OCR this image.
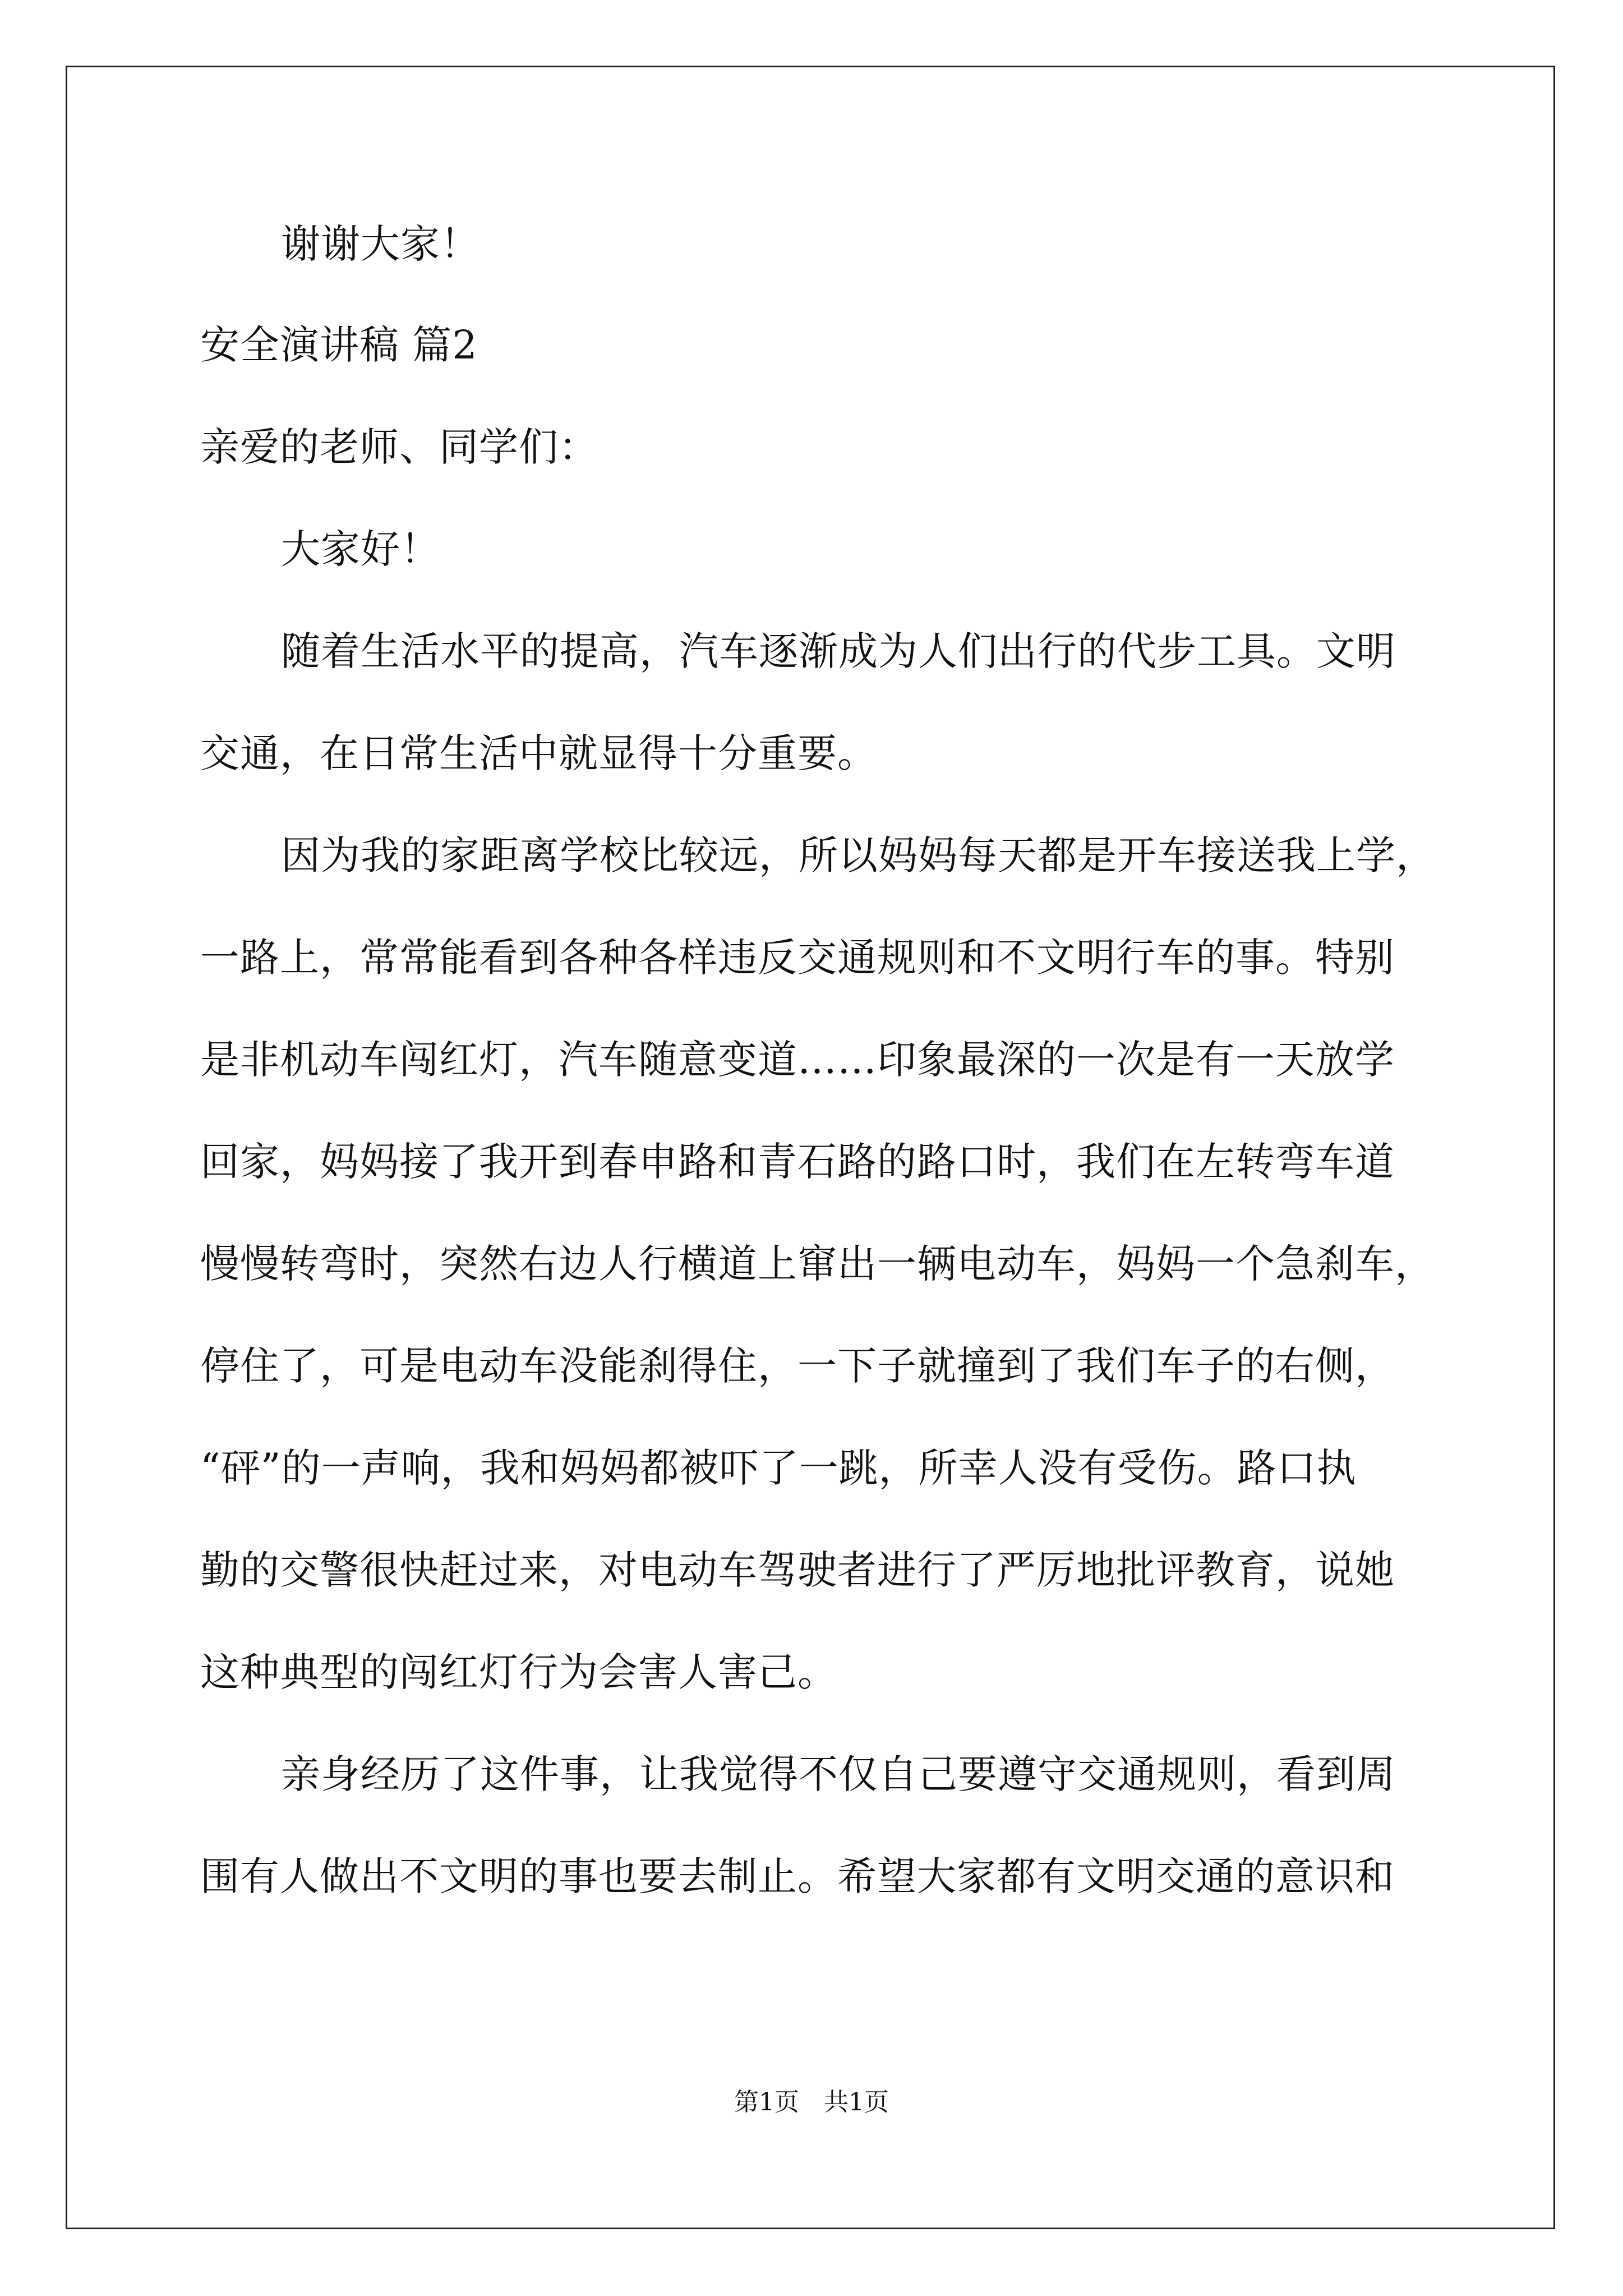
谢谢大家！
安全演讲稿 篇2
亲爱的老师、同学们：
大家好！
随着生活水平的提高，汽车逐渐成为人们出行的代步工具。文明
交通，在日常生活中就显得十分重要。
因为我的家距离学校比较远，所以妈妈每天都是开车接送我上学，
一路上，常常能看到各种各样违反交通规则和不文明行车的事。特别
是非机动车闯红灯，汽车随意变道……印象最深的一次是有一天放学
回家，妈妈接了我开到春申路和青石路的路口时，我们在左转弯车道
慢慢转弯时，突然右边人行横道上窜出一辆电动车，妈妈一个急刹车，
停住了，可是电动车没能刹得住，一下子就撞到了我们车子的右侧，
“砰”的一声响，我和妈妈都被吓了一跳，所幸人没有受伤。路口执
勤的交警很快赶过来，对电动车驾驶者进行了严厉地批评教育，说她
这种典型的闯红灯行为会害人害己。
亲身经历了这件事，让我觉得不仅自己要遵守交通规则，看到周
围有人做出不文明的事也要去制止。希望大家都有文明交通的意识和
第1页　共1页
